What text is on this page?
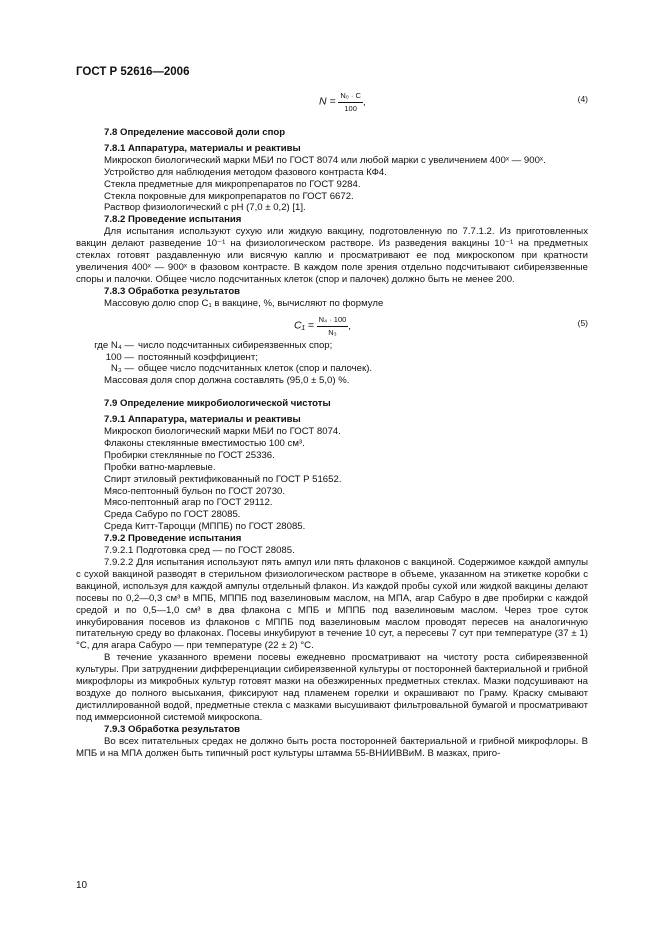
ГОСТ Р 52616—2006
$N = \frac{\text{N₀ · C}}{100}$ ,	(4)

7.8 Определение массовой доли спор

7.8.1 Аппаратура, материалы и реактивы

Микроскоп биологический марки МБИ по ГОСТ 8074 или любой марки с увеличением 400ˣ — 900ˣ.

Устройство для наблюдения методом фазового контраста КФ4.

Стекла предметные для микропрепаратов по ГОСТ 9284.

Стекла покровные для микропрепаратов по ГОСТ 6672.

Раствор физиологический с рН (7,0 ± 0,2) [1].

7.8.2 Проведение испытания

Для испытания используют сухую или жидкую вакцину, подготовленную по 7.7.1.2. Из приготовленных вакцин делают разведение 10⁻¹ на физиологическом растворе. Из разведения вакцины 10⁻¹ на предметных стеклах готовят раздавленную или висячую каплю и просматривают ее под микроскопом при кратности увеличения 400ˣ — 900ˣ в фазовом контрасте. В каждом поле зрения отдельно подсчитывают сибиреязвенные споры и палочки. Общее число подсчитанных клеток (спор и палочек) должно быть не менее 200.

7.8.3 Обработка результатов

Массовую долю спор C₁ в вакцине, %, вычисляют по формуле

$C_1 = \frac{\text{N₄ · 100}}{\text{N₃}}$ ,	(5)
где N₄ — число подсчитанных сибиреязвенных спор;
100 — постоянный коэффициент;
N₃ — общее число подсчитанных клеток (спор и палочек).

Массовая доля спор должна составлять (95,0 ± 5,0) %.

7.9 Определение микробиологической чистоты

7.9.1 Аппаратура, материалы и реактивы

Микроскоп биологический марки МБИ по ГОСТ 8074.

Флаконы стеклянные вместимостью 100 см³.

Пробирки стеклянные по ГОСТ 25336.

Пробки ватно-марлевые.

Спирт этиловый ректификованный по ГОСТ Р 51652.

Мясо-пептонный бульон по ГОСТ 20730.

Мясо-пептонный агар по ГОСТ 29112.

Среда Сабуро по ГОСТ 28085.

Среда Китт-Тароцци (МППБ) по ГОСТ 28085.

7.9.2 Проведение испытания

7.9.2.1 Подготовка сред — по ГОСТ 28085.

7.9.2.2 Для испытания используют пять ампул или пять флаконов с вакциной. Содержимое каждой ампулы с сухой вакциной разводят в стерильном физиологическом растворе в объеме, указанном на этикетке коробки с вакциной, используя для каждой ампулы отдельный флакон. Из каждой пробы сухой или жидкой вакцины делают посевы по 0,2—0,3 см³ в МПБ, МППБ под вазелиновым маслом, на МПА, агар Сабуро в две пробирки с каждой средой и по 0,5—1,0 см³ в два флакона с МПБ и МППБ под вазелиновым маслом. Через трое суток инкубирования посевов из флаконов с МППБ под вазелиновым маслом проводят пересев на аналогичную питательную среду во флаконах. Посевы инкубируют в течение 10 сут, а пересевы 7 сут при температуре (37 ± 1) °С, для агара Сабуро — при температуре (22 ± 2) °С.

В течение указанного времени посевы ежедневно просматривают на чистоту роста сибиреязвенной культуры. При затруднении дифференциации сибиреязвенной культуры от посторонней бактериальной и грибной микрофлоры из микробных культур готовят мазки на обезжиренных предметных стеклах. Мазки подсушивают на воздухе до полного высыхания, фиксируют над пламенем горелки и окрашивают по Граму. Краску смывают дистиллированной водой, предметные стекла с мазками высушивают фильтровальной бумагой и просматривают под иммерсионной системой микроскопа.

7.9.3 Обработка результатов

Во всех питательных средах не должно быть роста посторонней бактериальной и грибной микрофлоры. В МПБ и на МПА должен быть типичный рост культуры штамма 55-ВНИИВВиМ. В мазках, приго-

10
